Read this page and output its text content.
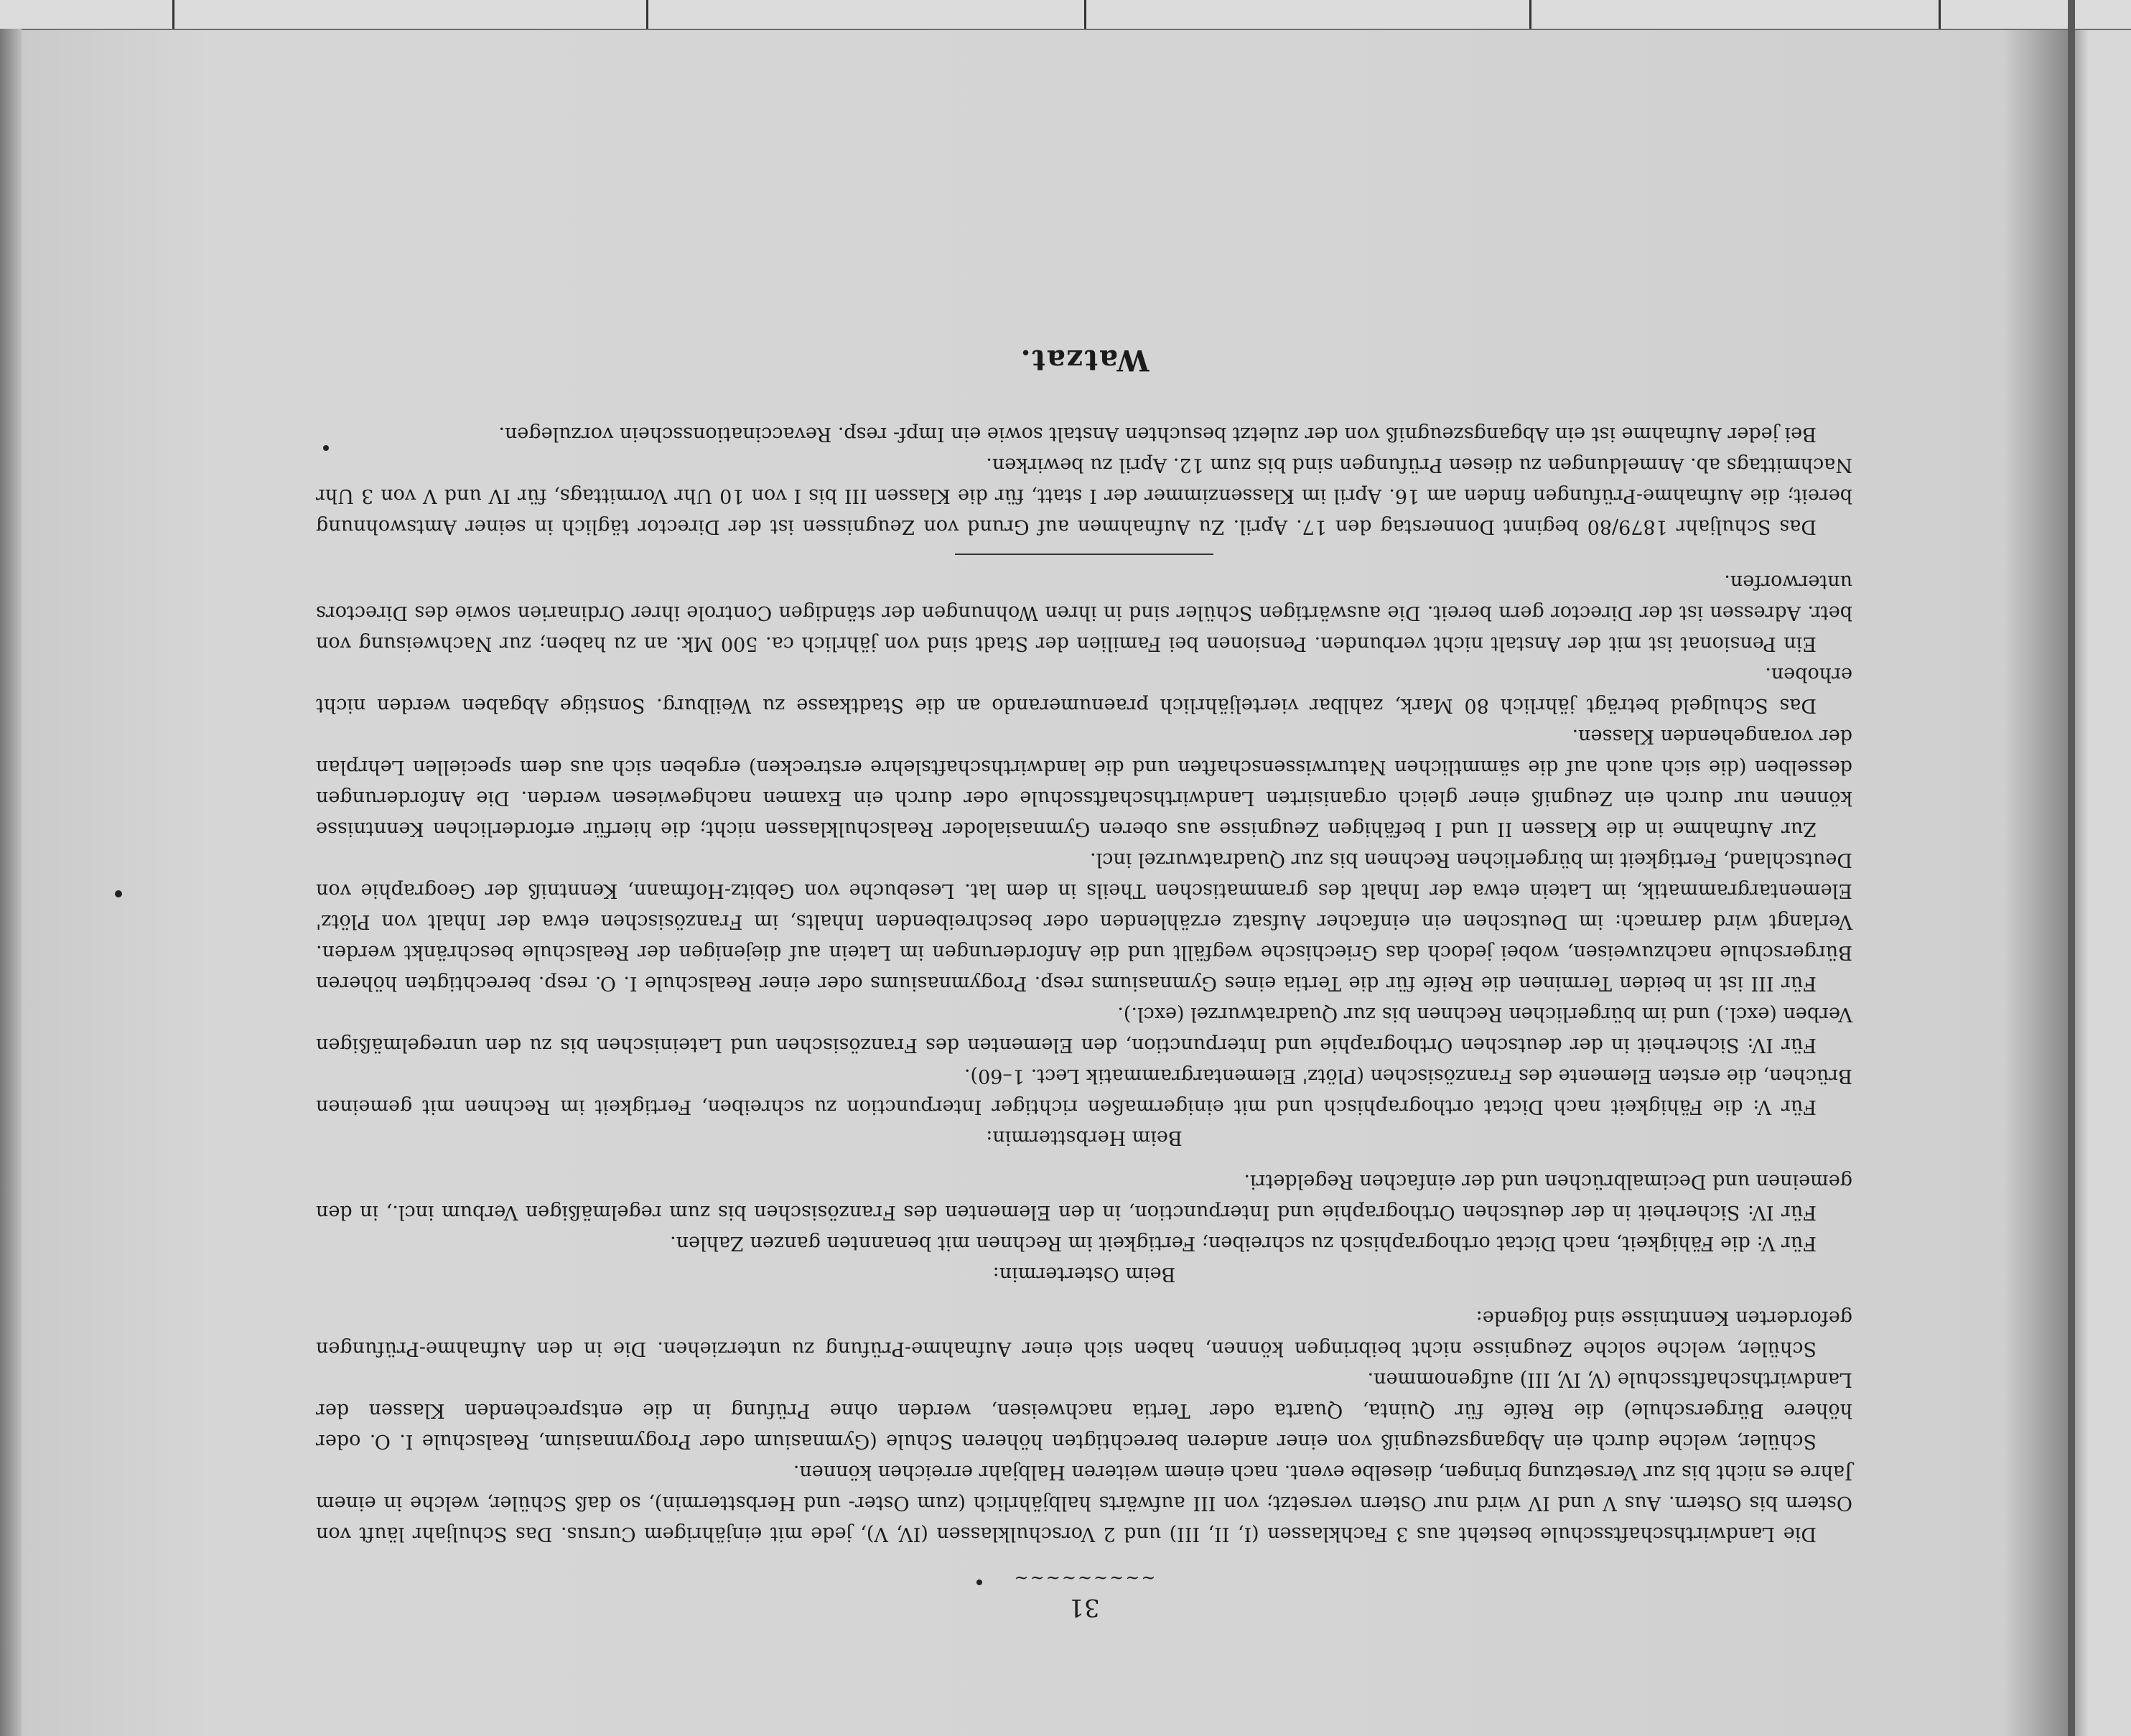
31
~~~~~~~~~

Die Landwirthschaftsschule besteht aus 3 Fachklassen (I, II, III) und 2 Vorschulklassen (IV, V), jede mit einjährigem Cursus. Das Schuljahr läuft von Ostern bis Ostern. Aus V und IV wird nur Ostern versetzt; von III aufwärts halbjährlich (zum Oster- und Herbsttermin), so daß Schüler, welche in einem Jahre es nicht bis zur Versetzung bringen, dieselbe event. nach einem weiteren Halbjahr erreichen können.

Schüler, welche durch ein Abgangszeugniß von einer anderen berechtigten höheren Schule (Gymnasium oder Progymnasium, Realschule I. O. oder höhere Bürgerschule) die Reife für Quinta, Quarta oder Tertia nachweisen, werden ohne Prüfung in die entsprechenden Klassen der Landwirthschaftsschule (V, IV, III) aufgenommen.

Schüler, welche solche Zeugnisse nicht beibringen können, haben sich einer Aufnahme-Prüfung zu unterziehen. Die in den Aufnahme-Prüfungen geforderten Kenntnisse sind folgende:

Beim Ostertermin:

Für V: die Fähigkeit, nach Dictat orthographisch zu schreiben; Fertigkeit im Rechnen mit benannten ganzen Zahlen.

Für IV: Sicherheit in der deutschen Orthographie und Interpunction, in den Elementen des Französischen bis zum regelmäßigen Verbum incl., in den gemeinen und Decimalbrüchen und der einfachen Regeldetri.

Beim Herbsttermin:

Für V: die Fähigkeit nach Dictat orthographisch und mit einigermaßen richtiger Interpunction zu schreiben, Fertigkeit im Rechnen mit gemeinen Brüchen, die ersten Elemente des Französischen (Plötz' Elementargrammatik Lect. 1–60).

Für IV: Sicherheit in der deutschen Orthographie und Interpunction, den Elementen des Französischen und Lateinischen bis zu den unregelmäßigen Verben (excl.) und im bürgerlichen Rechnen bis zur Quadratwurzel (excl.).

Für III ist in beiden Terminen die Reife für die Tertia eines Gymnasiums resp. Progymnasiums oder einer Realschule I. O. resp. berechtigten höheren Bürgerschule nachzuweisen, wobei jedoch das Griechische wegfällt und die Anforderungen im Latein auf diejenigen der Realschule beschränkt werden. Verlangt wird darnach: im Deutschen ein einfacher Aufsatz erzählenden oder beschreibenden Inhalts, im Französischen etwa der Inhalt von Plötz' Elementargrammatik, im Latein etwa der Inhalt des grammatischen Theils in dem lat. Lesebuche von Gebitz-Hofmann, Kenntniß der Geographie von Deutschland, Fertigkeit im bürgerlichen Rechnen bis zur Quadratwurzel incl.

Zur Aufnahme in die Klassen II und I befähigen Zeugnisse aus oberen Gymnasialoder Realschulklassen nicht; die hierfür erforderlichen Kenntnisse können nur durch ein Zeugniß einer gleich organisirten Landwirthschaftsschule oder durch ein Examen nachgewiesen werden. Die Anforderungen desselben (die sich auch auf die sämmtlichen Naturwissenschaften und die landwirthschaftslehre erstrecken) ergeben sich aus dem speciellen Lehrplan der vorangehenden Klassen.

Das Schulgeld beträgt jährlich 80 Mark, zahlbar vierteljährlich praenumerando an die Stadtkasse zu Weilburg. Sonstige Abgaben werden nicht erhoben.

Ein Pensionat ist mit der Anstalt nicht verbunden. Pensionen bei Familien der Stadt sind von jährlich ca. 500 Mk. an zu haben; zur Nachweisung von betr. Adressen ist der Director gern bereit. Die auswärtigen Schüler sind in ihren Wohnungen der ständigen Controle ihrer Ordinarien sowie des Directors unterworfen.

Das Schuljahr 1879/80 beginnt Donnerstag den 17. April. Zu Aufnahmen auf Grund von Zeugnissen ist der Director täglich in seiner Amtswohnung bereit; die Aufnahme-Prüfungen finden am 16. April im Klassenzimmer der I statt, für die Klassen III bis I von 10 Uhr Vormittags, für IV und V von 3 Uhr Nachmittags ab. Anmeldungen zu diesen Prüfungen sind bis zum 12. April zu bewirken.

Bei jeder Aufnahme ist ein Abgangszeugniß von der zuletzt besuchten Anstalt sowie ein Impf- resp. Revaccinationsschein vorzulegen.

Watzat.
